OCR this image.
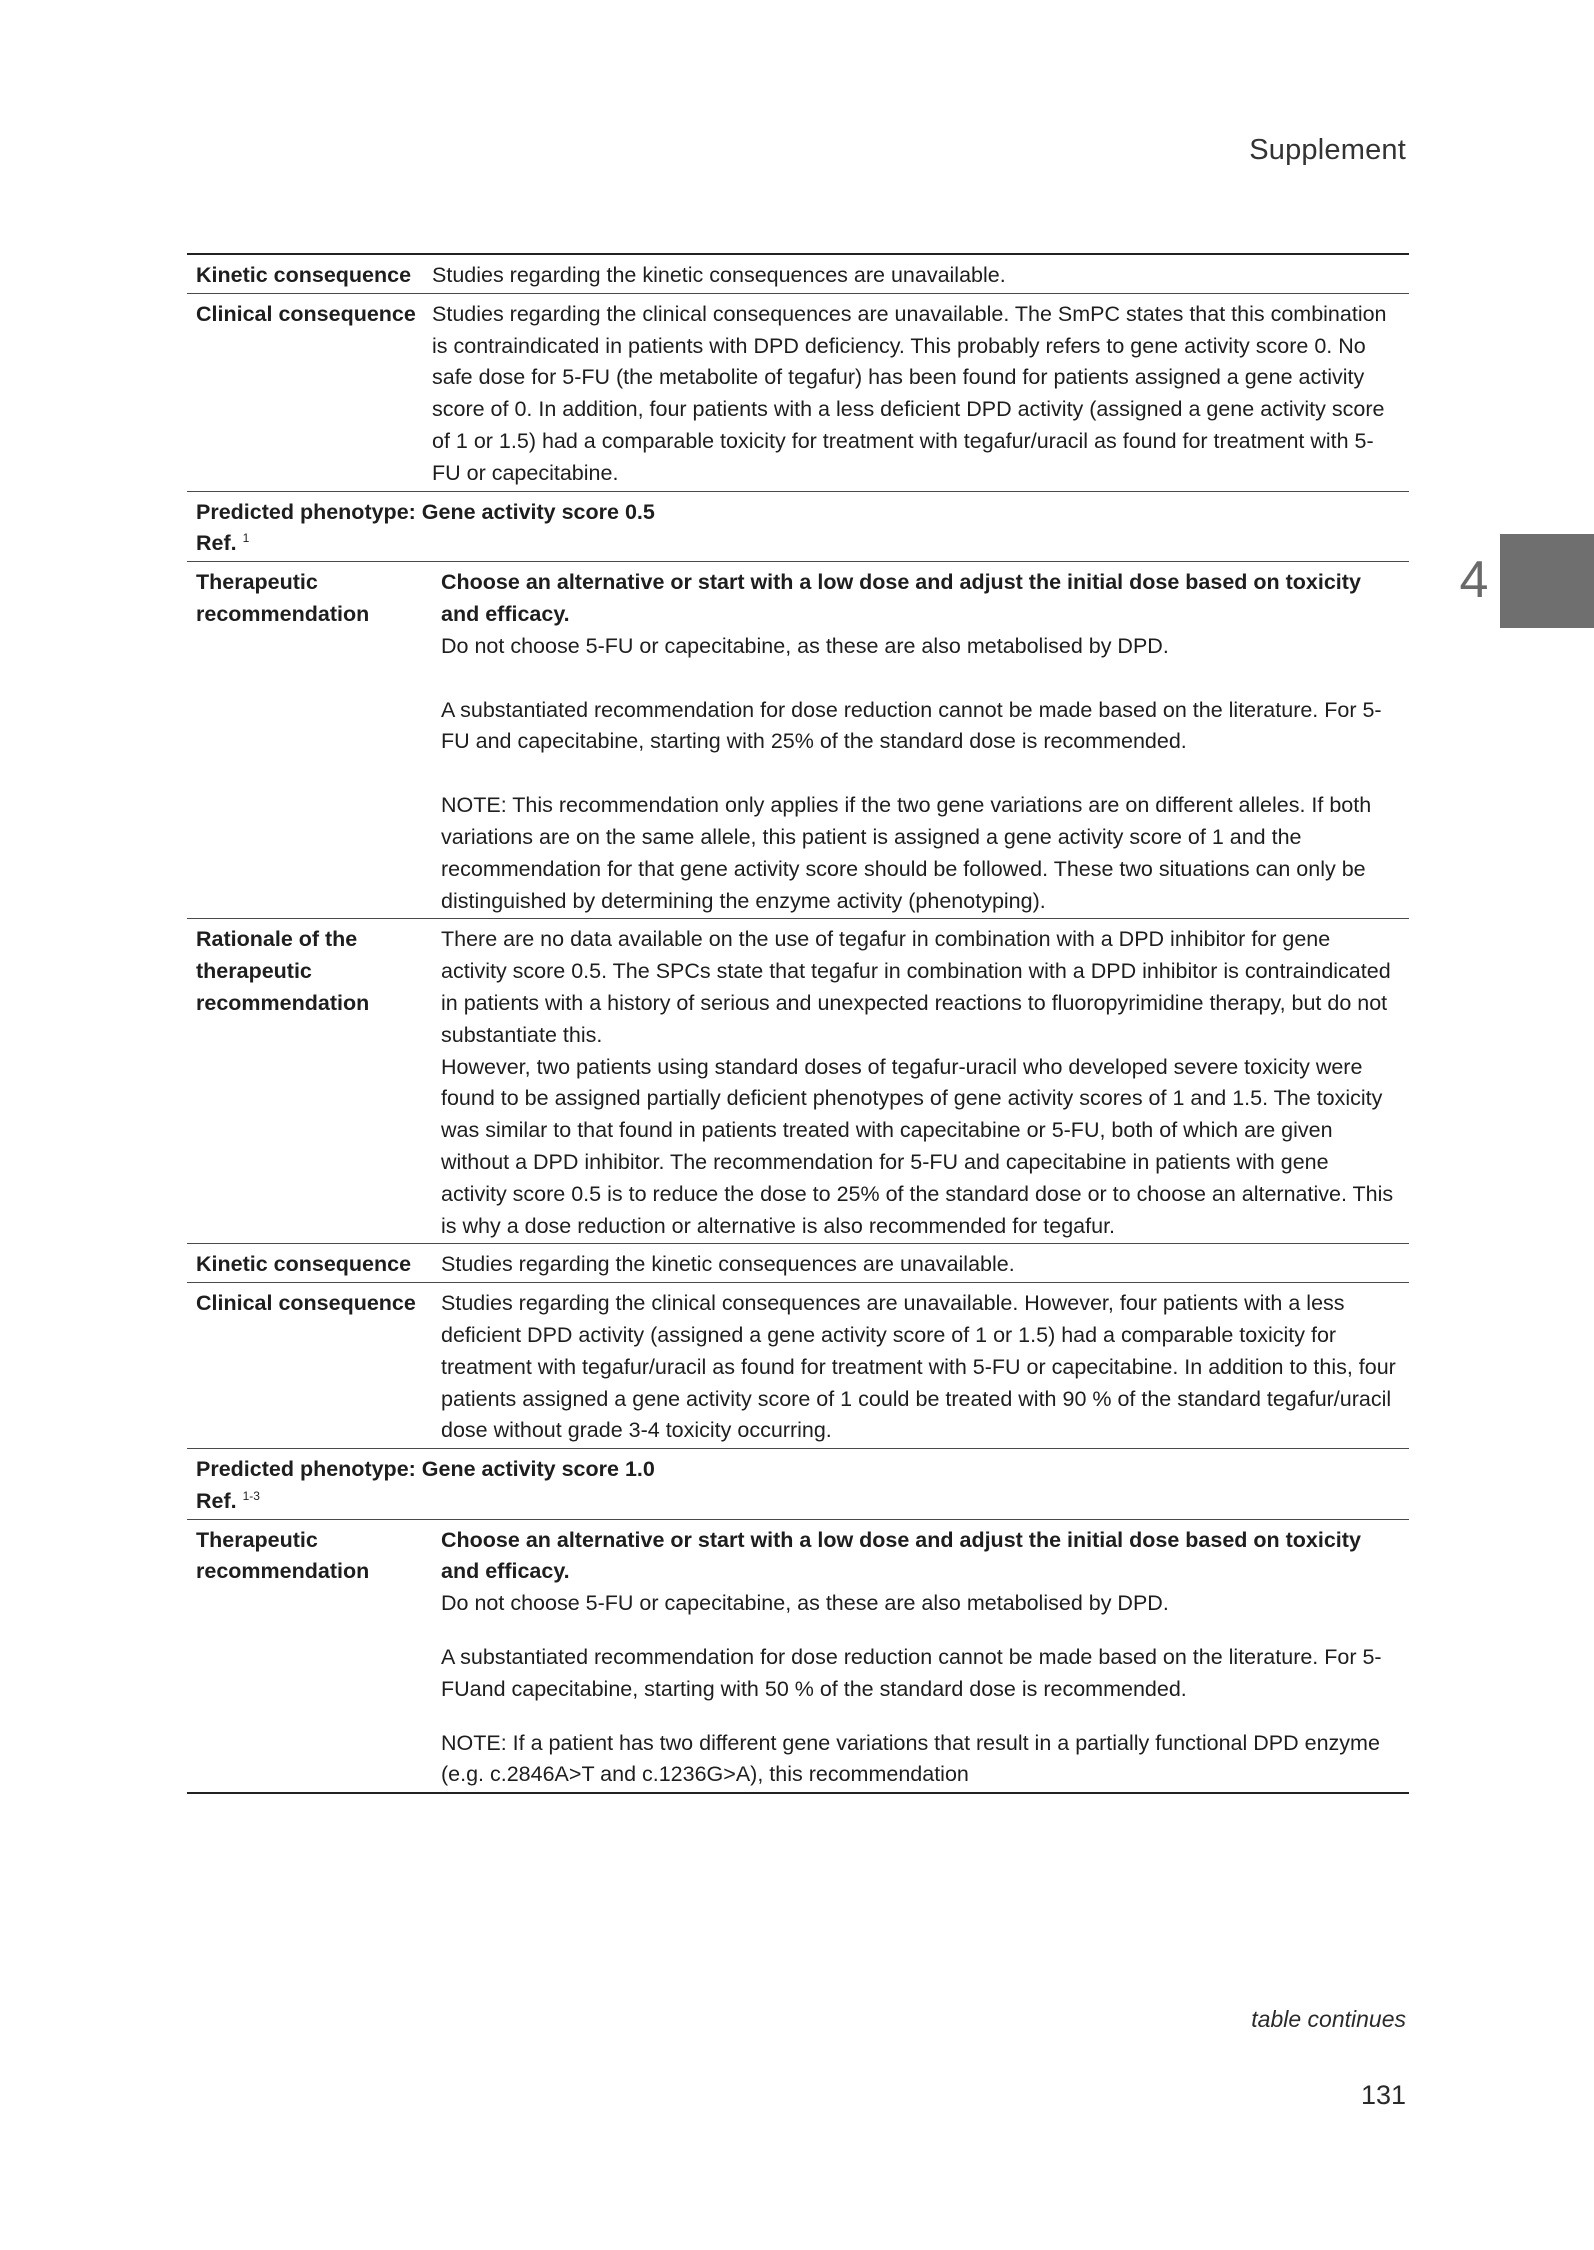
Supplement
4
Kinetic consequence	Studies regarding the kinetic consequences are unavailable.
Clinical consequence	Studies regarding the clinical consequences are unavailable. The SmPC states that this combination is contraindicated in patients with DPD deficiency. This probably refers to gene activity score 0. No safe dose for 5-FU (the metabolite of tegafur) has been found for patients assigned a gene activity score of 0. In addition, four patients with a less deficient DPD activity (assigned a gene activity score of 1 or 1.5) had a comparable toxicity for treatment with tegafur/uracil as found for treatment with 5-FU or capecitabine.

Predicted phenotype: Gene activity score 0.5
Ref. $^1$

Therapeutic recommendation	Choose an alternative or start with a low dose and adjust the initial dose based on toxicity and efficacy.

Do not choose 5-FU or capecitabine, as these are also metabolised by DPD.

A substantiated recommendation for dose reduction cannot be made based on the literature. For 5-FU and capecitabine, starting with 25% of the standard dose is recommended.

NOTE: This recommendation only applies if the two gene variations are on different alleles. If both variations are on the same allele, this patient is assigned a gene activity score of 1 and the recommendation for that gene activity score should be followed. These two situations can only be distinguished by determining the enzyme activity (phenotyping).

Rationale of the therapeutic recommendation	There are no data available on the use of tegafur in combination with a DPD inhibitor for gene activity score 0.5. The SPCs state that tegafur in combination with a DPD inhibitor is contraindicated in patients with a history of serious and unexpected reactions to fluoropyrimidine therapy, but do not substantiate this.

However, two patients using standard doses of tegafur-uracil who developed severe toxicity were found to be assigned partially deficient phenotypes of gene activity scores of 1 and 1.5. The toxicity was similar to that found in patients treated with capecitabine or 5-FU, both of which are given without a DPD inhibitor. The recommendation for 5-FU and capecitabine in patients with gene activity score 0.5 is to reduce the dose to 25% of the standard dose or to choose an alternative. This is why a dose reduction or alternative is also recommended for tegafur.

Kinetic consequence	Studies regarding the kinetic consequences are unavailable.
Clinical consequence	Studies regarding the clinical consequences are unavailable. However, four patients with a less deficient DPD activity (assigned a gene activity score of 1 or 1.5) had a comparable toxicity for treatment with tegafur/uracil as found for treatment with 5-FU or capecitabine. In addition to this, four patients assigned a gene activity score of 1 could be treated with 90 % of the standard tegafur/uracil dose without grade 3-4 toxicity occurring.

Predicted phenotype: Gene activity score 1.0
Ref. $^{1-3}$

Therapeutic recommendation	Choose an alternative or start with a low dose and adjust the initial dose based on toxicity and efficacy.

Do not choose 5-FU or capecitabine, as these are also metabolised by DPD.

A substantiated recommendation for dose reduction cannot be made based on the literature. For 5-FUand capecitabine, starting with 50 % of the standard dose is recommended.

NOTE: If a patient has two different gene variations that result in a partially functional DPD enzyme (e.g. c.2846A>T and c.1236G>A), this recommendation

table continues
131
